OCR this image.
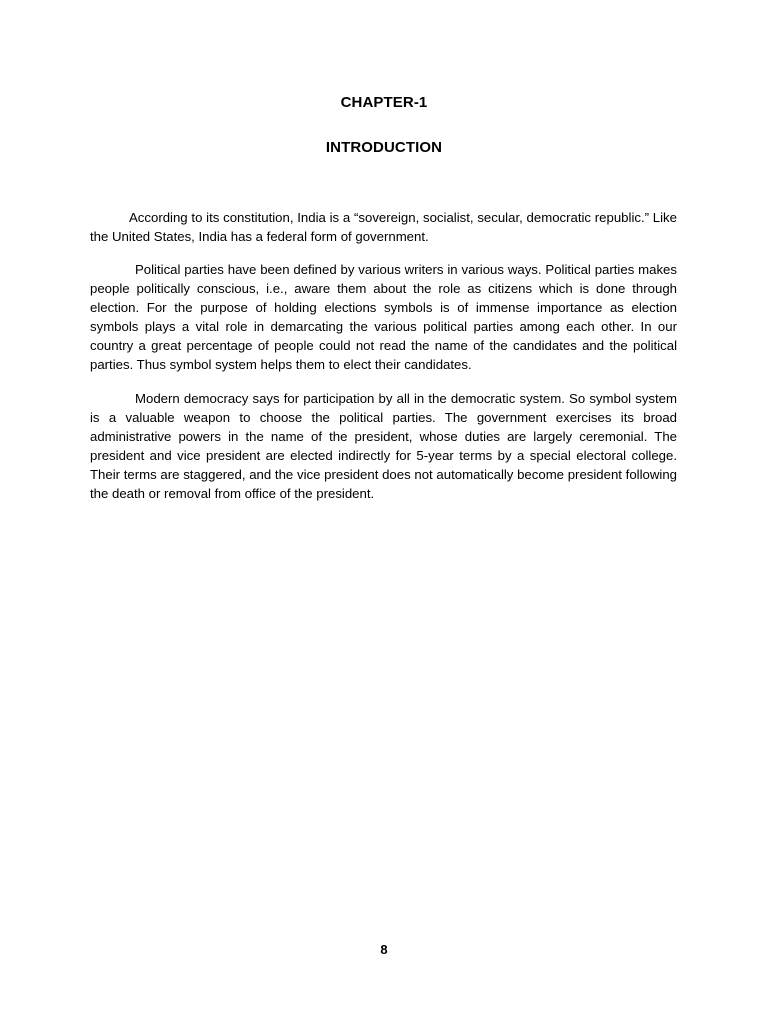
CHAPTER-1
INTRODUCTION

According to its constitution, India is a “sovereign, socialist, secular, democratic republic.” Like the United States, India has a federal form of government.

Political parties have been defined by various writers in various ways. Political parties makes people politically conscious, i.e., aware them about the role as citizens which is done through election. For the purpose of holding elections symbols is of immense importance as election symbols plays a vital role in demarcating the various political parties among each other. In our country a great percentage of people could not read the name of the candidates and the political parties. Thus symbol system helps them to elect their candidates.

Modern democracy says for participation by all in the democratic system. So symbol system is a valuable weapon to choose the political parties. The government exercises its broad administrative powers in the name of the president, whose duties are largely ceremonial. The president and vice president are elected indirectly for 5-year terms by a special electoral college. Their terms are staggered, and the vice president does not automatically become president following the death or removal from office of the president.

8
